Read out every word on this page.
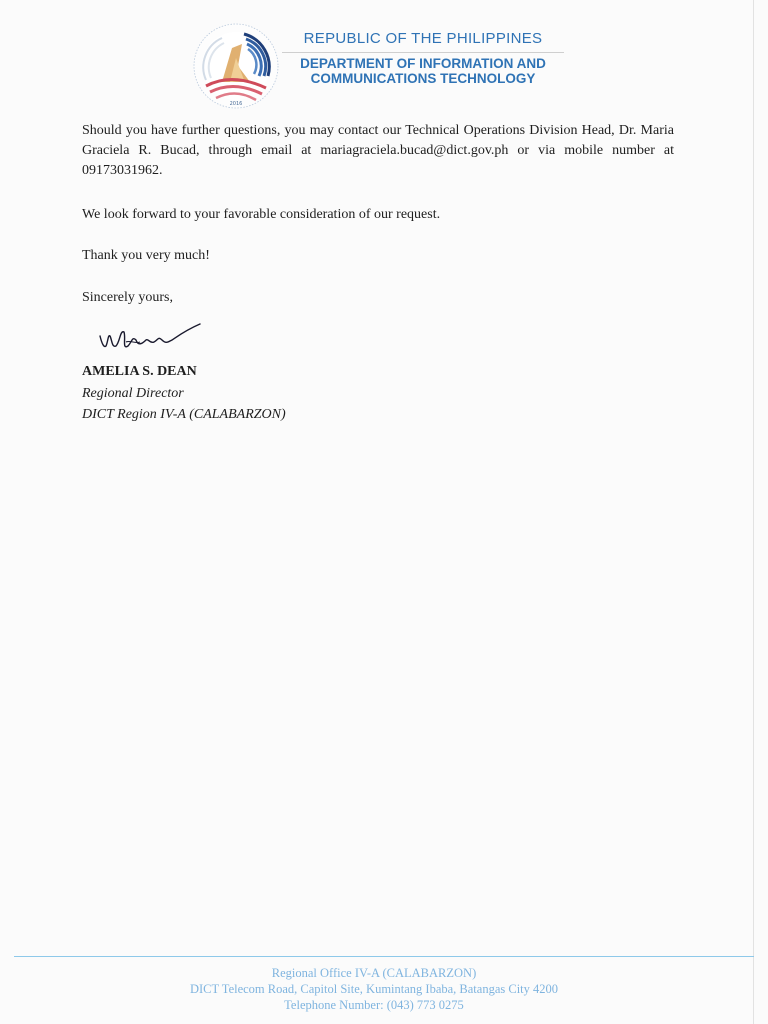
2016
REPUBLIC OF THE PHILIPPINES
DEPARTMENT OF INFORMATION AND
COMMUNICATIONS TECHNOLOGY

Should you have further questions, you may contact our Technical Operations Division Head, Dr. Maria Graciela R. Bucad, through email at mariagraciela.bucad@dict.gov.ph or via mobile number at 09173031962.

We look forward to your favorable consideration of our request.

Thank you very much!

Sincerely yours,

AMELIA S. DEAN

Regional Director

DICT Region IV-A (CALABARZON)

Regional Office IV-A (CALABARZON)
DICT Telecom Road, Capitol Site, Kumintang Ibaba, Batangas City 4200
Telephone Number: (043) 773 0275
